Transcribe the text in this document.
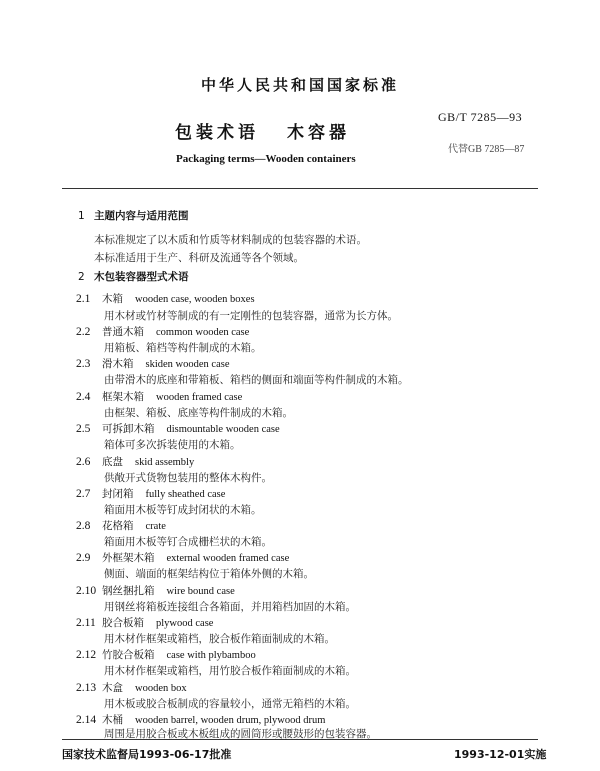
中华人民共和国国家标准
GB/T 7285—93
包装术语 木容器
代替GB 7285—87
Packaging terms—Wooden containers
1 主题内容与适用范围
本标准规定了以木质和竹质等材料制成的包装容器的术语。
本标准适用于生产、科研及流通等各个领域。
2 木包装容器型式术语
2.1 木箱 wooden case, wooden boxes
用木材或竹材等制成的有一定刚性的包装容器，通常为长方体。
2.2 普通木箱 common wooden case
用箱板、箱档等构件制成的木箱。
2.3 滑木箱 skiden wooden case
由带滑木的底座和带箱板、箱档的侧面和端面等构件制成的木箱。
2.4 框架木箱 wooden framed case
由框架、箱板、底座等构件制成的木箱。
2.5 可拆卸木箱 dismountable wooden case
箱体可多次拆装使用的木箱。
2.6 底盘 skid assembly
供敞开式货物包装用的整体木构件。
2.7 封闭箱 fully sheathed case
箱面用木板等钉成封闭状的木箱。
2.8 花格箱 crate
箱面用木板等钉合成栅栏状的木箱。
2.9 外框架木箱 external wooden framed case
侧面、端面的框架结构位于箱体外侧的木箱。
2.10 钢丝捆扎箱 wire bound case
用钢丝将箱板连接组合各箱面，并用箱档加固的木箱。
2.11 胶合板箱 plywood case
用木材作框架或箱档，胶合板作箱面制成的木箱。
2.12 竹胶合板箱 case with plybamboo
用木材作框架或箱档，用竹胶合板作箱面制成的木箱。
2.13 木盒 wooden box
用木板或胶合板制成的容量较小，通常无箱档的木箱。
2.14 木桶 wooden barrel, wooden drum, plywood drum
周围是用胶合板或木板组成的圆筒形或腰鼓形的包装容器。
国家技术监督局1993-06-17批准	1993-12-01实施
